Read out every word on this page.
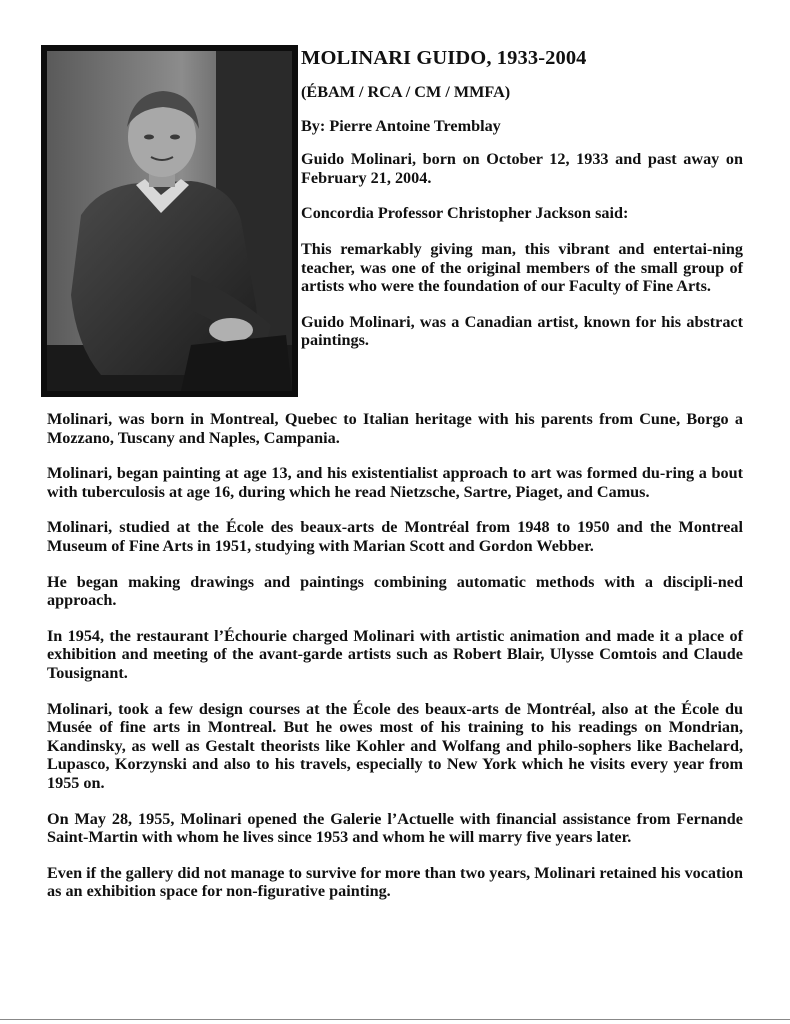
MOLINARI GUIDO, 1933-2004

(ÉBAM / RCA / CM / MMFA)

By: Pierre Antoine Tremblay

Guido Molinari, born on October 12, 1933 and past away on February 21, 2004.

Concordia Professor Christopher Jackson said:

This remarkably giving man, this vibrant and entertai-ning teacher, was one of the original members of the small group of artists who were the foundation of our Faculty of Fine Arts.

Guido Molinari, was a Canadian artist, known for his abstract paintings.

Molinari, was born in Montreal, Quebec to Italian heritage with his parents from Cune, Borgo a Mozzano, Tuscany and Naples, Campania.

Molinari, began painting at age 13, and his existentialist approach to art was formed du-ring a bout with tuberculosis at age 16, during which he read Nietzsche, Sartre, Piaget, and Camus.

Molinari, studied at the École des beaux-arts de Montréal from 1948 to 1950 and the Montreal Museum of Fine Arts in 1951, studying with Marian Scott and Gordon Webber.

He began making drawings and paintings combining automatic methods with a discipli-ned approach.

In 1954, the restaurant l’Échourie charged Molinari with artistic animation and made it a place of exhibition and meeting of the avant-garde artists such as Robert Blair, Ulysse Comtois and Claude Tousignant.

Molinari, took a few design courses at the École des beaux-arts de Montréal, also at the École du Musée of fine arts in Montreal. But he owes most of his training to his readings on Mondrian, Kandinsky, as well as Gestalt theorists like Kohler and Wolfang and philo-sophers like Bachelard, Lupasco, Korzynski and also to his travels, especially to New York which he visits every year from 1955 on.

On May 28, 1955, Molinari opened the Galerie l’Actuelle with financial assistance from Fernande Saint-Martin with whom he lives since 1953 and whom he will marry five years later.

Even if the gallery did not manage to survive for more than two years, Molinari retained his vocation as an exhibition space for non-figurative painting.
